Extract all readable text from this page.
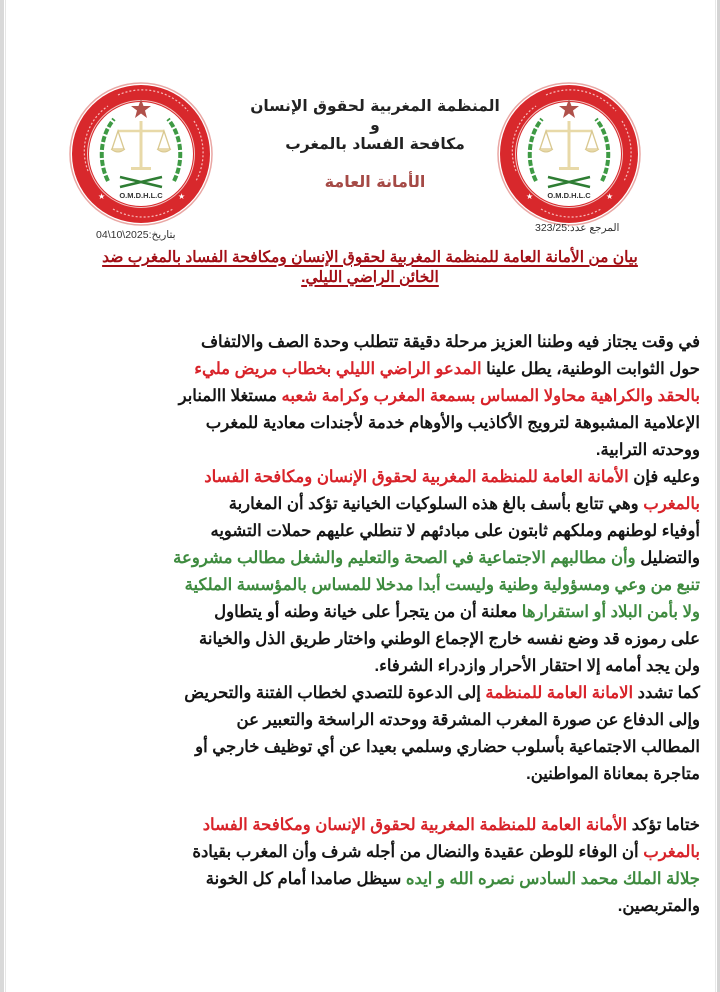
O.M.D.H.L.C
★	★	O.M.D.H.L.C
★	★
المنظمة المغربية لحقوق الإنسان و
مكافحة الفساد بالمغرب
الأمانة العامة
بتاريخ:2025\10\04
المرجع عدد:323/25
بيان من الأمانة العامة للمنظمة المغربية لحقوق الإنسان ومكافحة الفساد بالمغرب ضد
الخائن الراضي الليلي.

في وقت يجتاز فيه وطننا العزيز مرحلة دقيقة تتطلب وحدة الصف والالتفاف
حول الثوابت الوطنية، يطل علينا المدعو الراضي الليلي بخطاب مريض مليء
بالحقد والكراهية محاولا المساس بسمعة المغرب وكرامة شعبه مستغلا االمنابر
الإعلامية المشبوهة لترويج الأكاذيب والأوهام خدمة لأجندات معادية للمغرب
ووحدته الترابية.

وعليه فإن الأمانة العامة للمنظمة المغربية لحقوق الإنسان ومكافحة الفساد
بالمغرب وهي تتابع بأسف بالغ هذه السلوكيات الخيانية تؤكد أن المغاربة
أوفياء لوطنهم وملكهم ثابتون على مبادئهم لا تنطلي عليهم حملات التشويه
والتضليل وأن مطالبهم الاجتماعية في الصحة والتعليم والشغل مطالب مشروعة
تنبع من وعي ومسؤولية وطنية وليست أبدا مدخلا للمساس بالمؤسسة الملكية
ولا بأمن البلاد أو استقرارها معلنة أن من يتجرأ على خيانة وطنه أو يتطاول
على رموزه قد وضع نفسه خارج الإجماع الوطني واختار طريق الذل والخيانة
ولن يجد أمامه إلا احتقار الأحرار وازدراء الشرفاء.

كما تشدد الامانة العامة للمنظمة إلى الدعوة للتصدي لخطاب الفتنة والتحريض
وإلى الدفاع عن صورة المغرب المشرقة ووحدته الراسخة والتعبير عن
المطالب الاجتماعية بأسلوب حضاري وسلمي بعيدا عن أي توظيف خارجي أو
متاجرة بمعاناة المواطنين.

ختاما تؤكد الأمانة العامة للمنظمة المغربية لحقوق الإنسان ومكافحة الفساد
بالمغرب أن الوفاء للوطن عقيدة والنضال من أجله شرف وأن المغرب بقيادة
جلالة الملك محمد السادس نصره الله و ايده سيظل صامدا أمام كل الخونة
والمتربصين.
